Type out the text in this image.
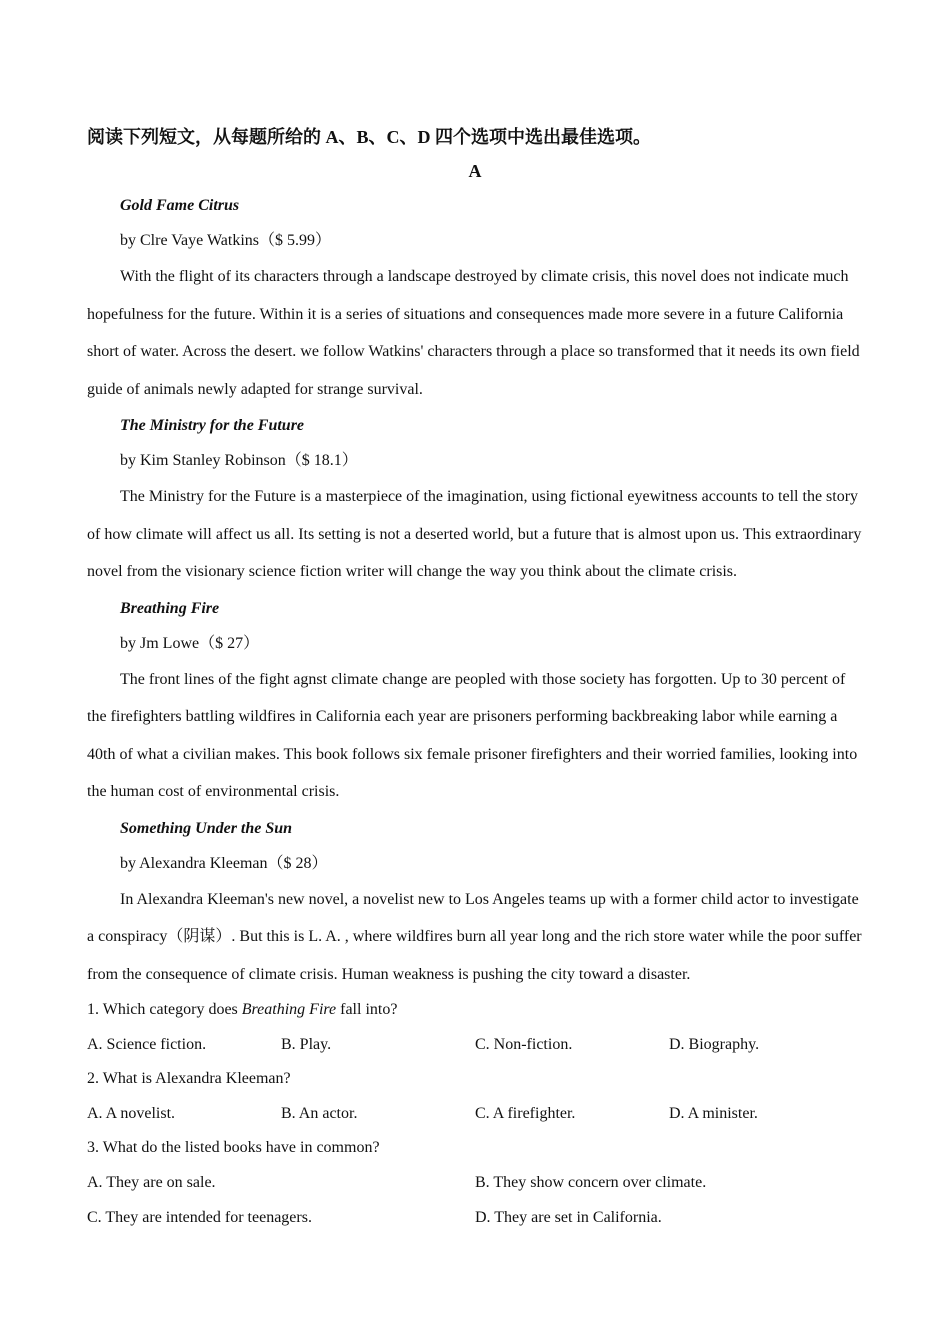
阅读下列短文，从每题所给的 A、B、C、D 四个选项中选出最佳选项。

A

Gold Fame Citrus

by Clre Vaye Watkins（$ 5.99）

With the flight of its characters through a landscape destroyed by climate crisis, this novel does not indicate much hopefulness for the future. Within it is a series of situations and consequences made more severe in a future California short of water. Across the desert. we follow Watkins' characters through a place so transformed that it needs its own field guide of animals newly adapted for strange survival.

The Ministry for the Future

by Kim Stanley Robinson（$ 18.1）

The Ministry for the Future is a masterpiece of the imagination, using fictional eyewitness accounts to tell the story of how climate will affect us all. Its setting is not a deserted world, but a future that is almost upon us. This extraordinary novel from the visionary science fiction writer will change the way you think about the climate crisis.

Breathing Fire

by Jm Lowe（$ 27）

The front lines of the fight agnst climate change are peopled with those society has forgotten. Up to 30 percent of the firefighters battling wildfires in California each year are prisoners performing backbreaking labor while earning a 40th of what a civilian makes. This book follows six female prisoner firefighters and their worried families, looking into the human cost of environmental crisis.

Something Under the Sun

by Alexandra Kleeman（$ 28）

In Alexandra Kleeman's new novel, a novelist new to Los Angeles teams up with a former child actor to investigate a conspiracy（阴谋）. But this is L. A. , where wildfires burn all year long and the rich store water while the poor suffer from the consequence of climate crisis. Human weakness is pushing the city toward a disaster.

1. Which category does Breathing Fire fall into?

A. Science fiction.	B. Play.	C. Non-fiction.	D. Biography.

2. What is Alexandra Kleeman?

A. A novelist.	B. An actor.	C. A firefighter.	D. A minister.

3. What do the listed books have in common?

A. They are on sale.	B. They show concern over climate.
C. They are intended for teenagers.	D. They are set in California.
